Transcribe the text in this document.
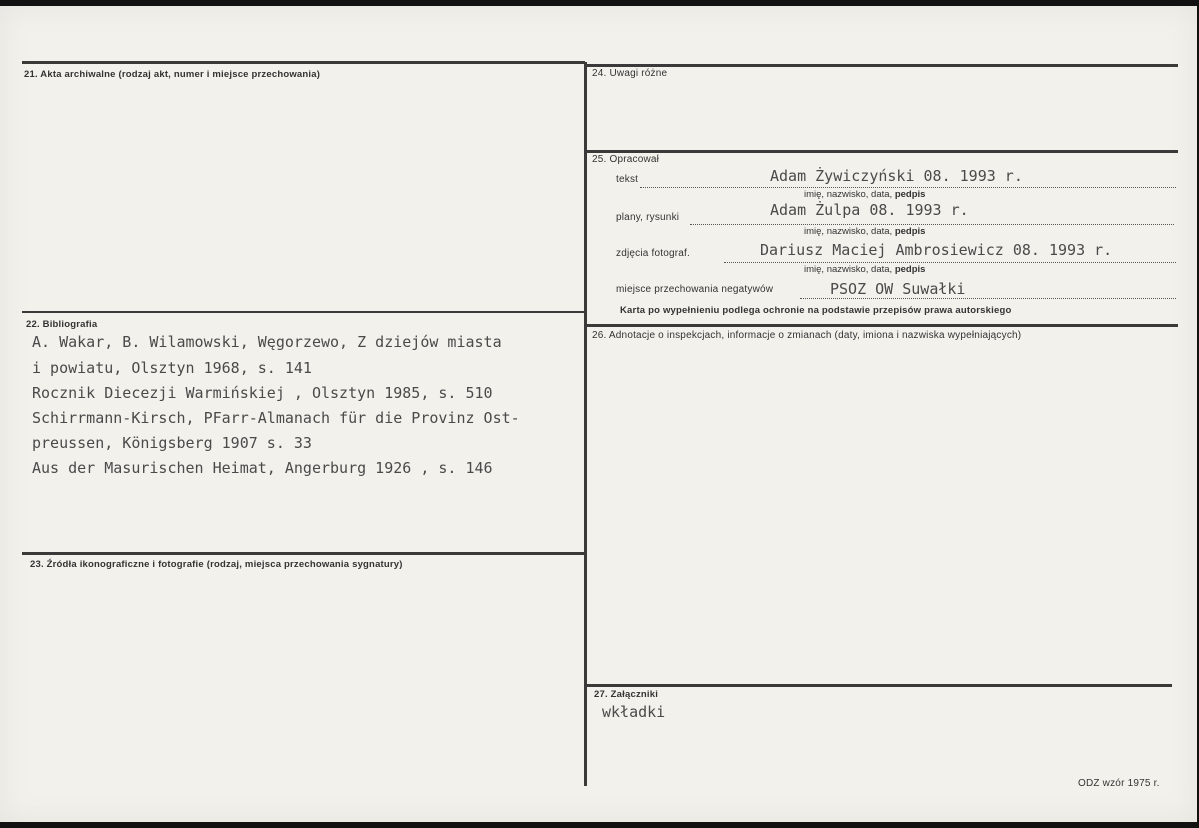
21. Akta archiwalne (rodzaj akt, numer i miejsce przechowania)
22. Bibliografia
A. Wakar, B. Wilamowski, Węgorzewo, Z dziejów miasta
i powiatu, Olsztyn 1968, s. 141
Rocznik Diecezji Warmińskiej , Olsztyn 1985, s. 510
Schirrmann-Kirsch, PFarr-Almanach für die Provinz Ost-
preussen, Königsberg 1907 s. 33
Aus der Masurischen Heimat, Angerburg 1926 , s. 146
23. Źródła ikonograficzne i fotografie (rodzaj, miejsca przechowania sygnatury)
24. Uwagi różne
25. Opracował
tekst	Adam Żywiczyński 08. 1993 r.
imię, nazwisko, data, pedpis
plany, rysunki	Adam Żulpa 08. 1993 r.
imię, nazwisko, data, pedpis
zdjęcia fotograf.	Dariusz Maciej Ambrosiewicz 08. 1993 r.
imię, nazwisko, data, pedpis
miejsce przechowania negatywów	PSOZ OW Suwałki
Karta po wypełnieniu podlega ochronie na podstawie przepisów prawa autorskiego
26. Adnotacje o inspekcjach, informacje o zmianach (daty, imiona i nazwiska wypełniających)
27. Załączniki
wkładki
ODZ wzór 1975 r.
